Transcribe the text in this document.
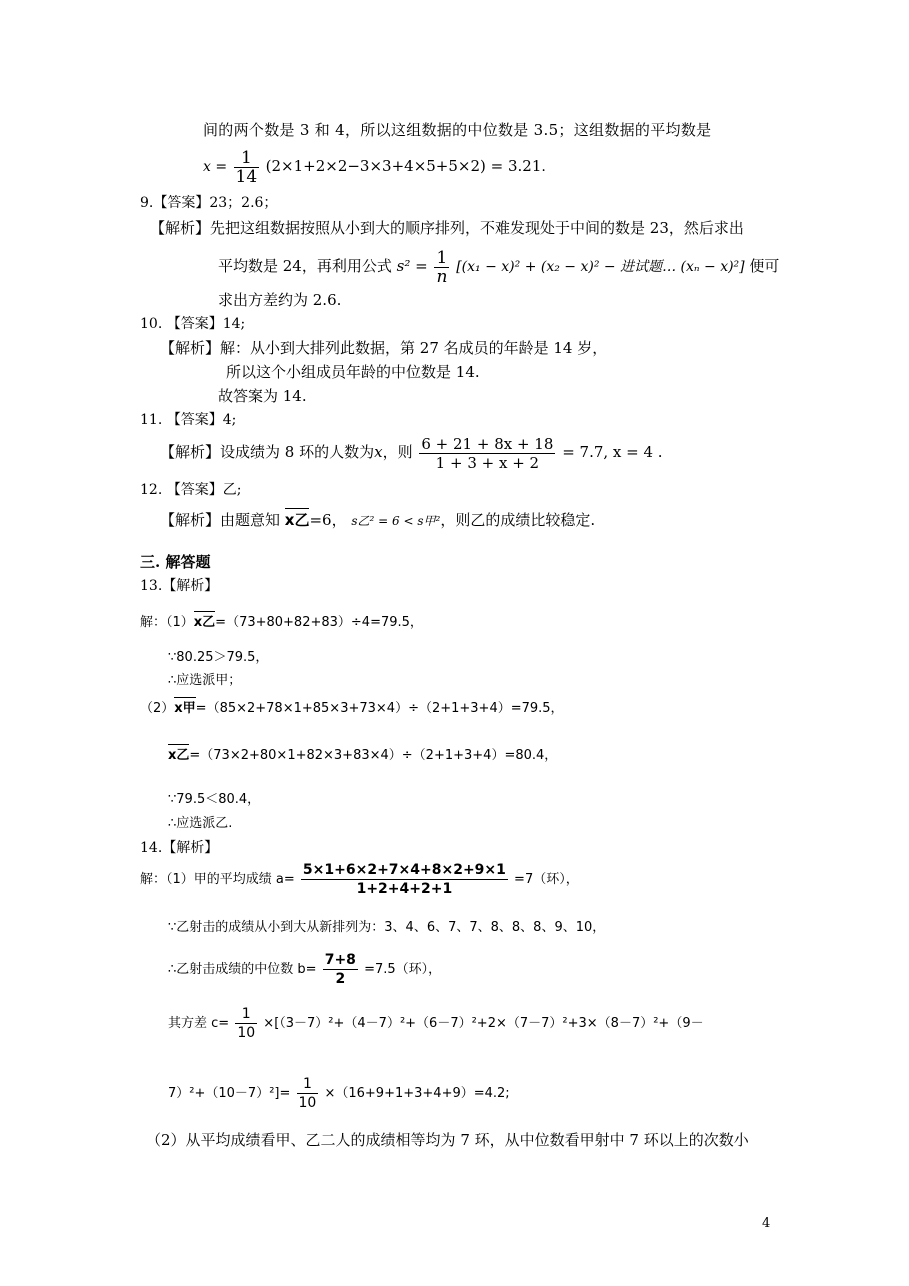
间的两个数是 3 和 4，所以这组数据的中位数是 3.5；这组数据的平均数是
$x = \frac{1}{14} (2\times 1+2\times 2-3\times 3+4\times 5+5\times 2) = 3.21$.
9.【答案】23；2.6；
【解析】先把这组数据按照从小到大的顺序排列，不难发现处于中间的数是 23，然后求出
平均数是 24，再利用公式 $s^2 = \frac{1}{n} [(x_1 - x)^2 + (x_2 - x)^2$ − 进试题… (xₙ − x)²] 便可
求出方差约为 2.6.
10. 【答案】14;
【解析】解：从小到大排列此数据，第 27 名成员的年龄是 14 岁，
所以这个小组成员年龄的中位数是 14.
故答案为 14.
11. 【答案】4;
【解析】设成绩为 8 环的人数为x，则 $\frac{6 + 21 + 8x + 18}{1 + 3 + x + 2} = 7.7$, x = 4 .
12. 【答案】乙;
【解析】由题意知 x乙=6， s乙² = 6 < s甲²，则乙的成绩比较稳定.
三. 解答题
13.【解析】
解：（1）x乙=（73+80+82+83）÷4=79.5，
∵80.25＞79.5，
∴应选派甲；
（2）x甲=（85×2+78×1+85×3+73×4）÷（2+1+3+4）=79.5，
x乙=（73×2+80×1+82×3+83×4）÷（2+1+3+4）=80.4，
∵79.5＜80.4，
∴应选派乙.
14.【解析】
解：（1）甲的平均成绩 $a= \frac{5\times 1+6\times 2+7\times 4+8\times 2+9\times 1}{1+2+4+2+1} =7$（环），
∵乙射击的成绩从小到大从新排列为：3、4、6、7、7、8、8、8、9、10，
∴乙射击成绩的中位数 $b= \frac{7+8}{2} =7.5$（环），
其方差 $c= \frac{1}{10} \times[(3-7)^2+(4-7)^2+(6-7)^2+2\times(7-7)^2+3\times(8-7)^2+(9-$
$7)^2+(10-7)^2]= \frac{1}{10} \times(16+9+1+3+4+9)=4.2$;
（2）从平均成绩看甲、乙二人的成绩相等均为 7 环，从中位数看甲射中 7 环以上的次数小
4
